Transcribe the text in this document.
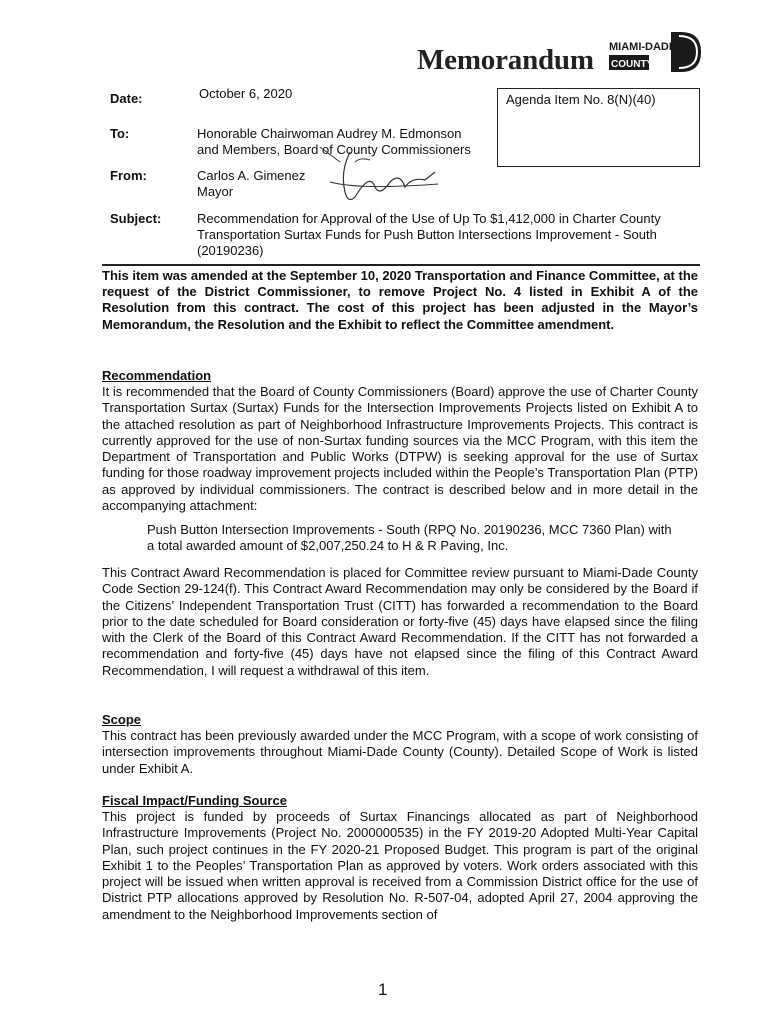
Memorandum MIAMI-DADE
COUNTY
Date:	October 6, 2020	Agenda Item No. 8(N)(40)
To:	Honorable Chairwoman Audrey M. Edmonson
and Members, Board of County Commissioners
From:	Carlos A. Gimenez
Mayor
Subject:	Recommendation for Approval of the Use of Up To $1,412,000 in Charter County Transportation Surtax Funds for Push Button Intersections Improvement - South (20190236)

This item was amended at the September 10, 2020 Transportation and Finance Committee, at the request of the District Commissioner, to remove Project No. 4 listed in Exhibit A of the Resolution from this contract. The cost of this project has been adjusted in the Mayor’s Memorandum, the Resolution and the Exhibit to reflect the Committee amendment.

Recommendation

It is recommended that the Board of County Commissioners (Board) approve the use of Charter County Transportation Surtax (Surtax) Funds for the Intersection Improvements Projects listed on Exhibit A to the attached resolution as part of Neighborhood Infrastructure Improvements Projects. This contract is currently approved for the use of non-Surtax funding sources via the MCC Program, with this item the Department of Transportation and Public Works (DTPW) is seeking approval for the use of Surtax funding for those roadway improvement projects included within the People’s Transportation Plan (PTP) as approved by individual commissioners. The contract is described below and in more detail in the accompanying attachment:

Push Button Intersection Improvements - South (RPQ No. 20190236, MCC 7360 Plan) with a total awarded amount of $2,007,250.24 to H & R Paving, Inc.

This Contract Award Recommendation is placed for Committee review pursuant to Miami-Dade County Code Section 29-124(f). This Contract Award Recommendation may only be considered by the Board if the Citizens’ Independent Transportation Trust (CITT) has forwarded a recommendation to the Board prior to the date scheduled for Board consideration or forty-five (45) days have elapsed since the filing with the Clerk of the Board of this Contract Award Recommendation. If the CITT has not forwarded a recommendation and forty-five (45) days have not elapsed since the filing of this Contract Award Recommendation, I will request a withdrawal of this item.

Scope

This contract has been previously awarded under the MCC Program, with a scope of work consisting of intersection improvements throughout Miami-Dade County (County). Detailed Scope of Work is listed under Exhibit A.

Fiscal Impact/Funding Source

This project is funded by proceeds of Surtax Financings allocated as part of Neighborhood Infrastructure Improvements (Project No. 2000000535) in the FY 2019-20 Adopted Multi-Year Capital Plan, such project continues in the FY 2020-21 Proposed Budget. This program is part of the original Exhibit 1 to the Peoples’ Transportation Plan as approved by voters. Work orders associated with this project will be issued when written approval is received from a Commission District office for the use of District PTP allocations approved by Resolution No. R-507-04, adopted April 27, 2004 approving the amendment to the Neighborhood Improvements section of

1
